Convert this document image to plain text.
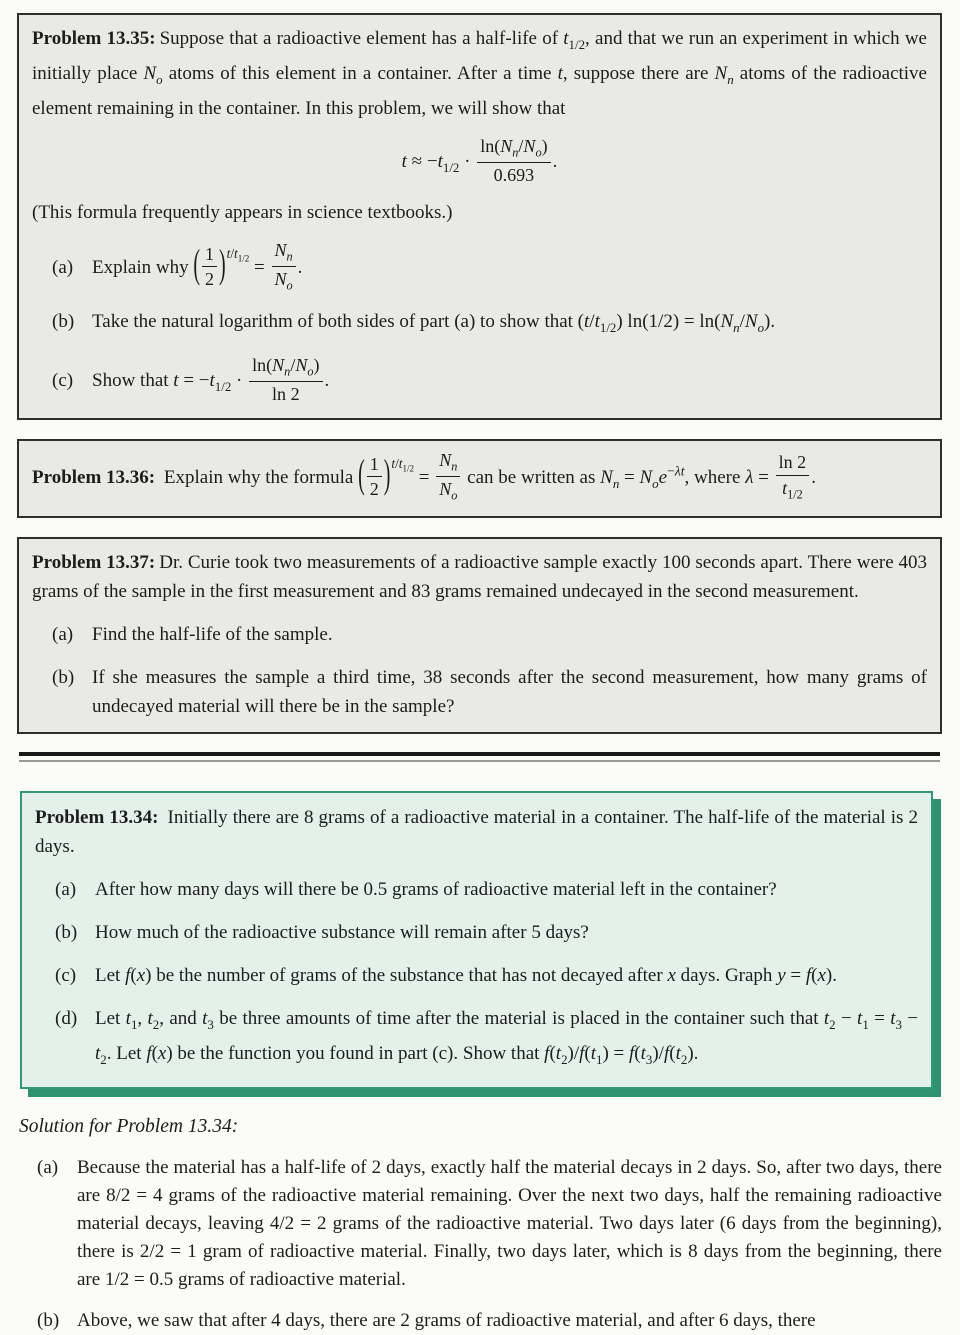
Problem 13.35: Suppose that a radioactive element has a half-life of $t_{1/2}$, and that we run an experiment in which we initially place $N_o$ atoms of this element in a container. After a time t, suppose there are $N_n$ atoms of the radioactive element remaining in the container. In this problem, we will show that

$t \approx -t_{1/2} \cdot \frac{\ln(N_n/N_o)}{0.693}$ .

(This formula frequently appears in science textbooks.)

(a) Explain why ( $\frac{1}{2} )^{t/t_{1/2}} = \frac{N_n}{N_o}$ .
(b) Take the natural logarithm of both sides of part (a) to show that $(t/t_{1/2}) \ln(1/2) = \ln(N_n/N_o)$.
(c) Show that $t = -t_{1/2} \cdot \frac{\ln(N_n/N_o)}{\ln 2}$ .

Problem 13.36: Explain why the formula ( $\frac{1}{2} )^{t/t_{1/2}} = \frac{N_n}{N_o}$ can be written as $N_n = N_oe^{-\lambda t}$, where $\lambda = \frac{\ln 2}{t_{1/2}}$ .

Problem 13.37: Dr. Curie took two measurements of a radioactive sample exactly 100 seconds apart. There were 403 grams of the sample in the first measurement and 83 grams remained undecayed in the second measurement.

(a) Find the half-life of the sample.
(b) If she measures the sample a third time, 38 seconds after the second measurement, how many grams of undecayed material will there be in the sample?

Problem 13.34: Initially there are 8 grams of a radioactive material in a container. The half-life of the material is 2 days.

(a) After how many days will there be 0.5 grams of radioactive material left in the container?
(b) How much of the radioactive substance will remain after 5 days?
(c) Let f(x) be the number of grams of the substance that has not decayed after x days. Graph y = f(x).
(d) Let $t_1$, $t_2$, and $t_3$ be three amounts of time after the material is placed in the container such that $t_2 - t_1 = t_3 - t_2$. Let f(x) be the function you found in part (c). Show that $f(t_2)/f(t_1) = f(t_3)/f(t_2)$.

Solution for Problem 13.34:

(a) Because the material has a half-life of 2 days, exactly half the material decays in 2 days. So, after two days, there are 8/2 = 4 grams of the radioactive material remaining. Over the next two days, half the remaining radioactive material decays, leaving 4/2 = 2 grams of the radioactive material. Two days later (6 days from the beginning), there is 2/2 = 1 gram of radioactive material. Finally, two days later, which is 8 days from the beginning, there are 1/2 = 0.5 grams of radioactive material.
(b) Above, we saw that after 4 days, there are 2 grams of radioactive material, and after 6 days, there
